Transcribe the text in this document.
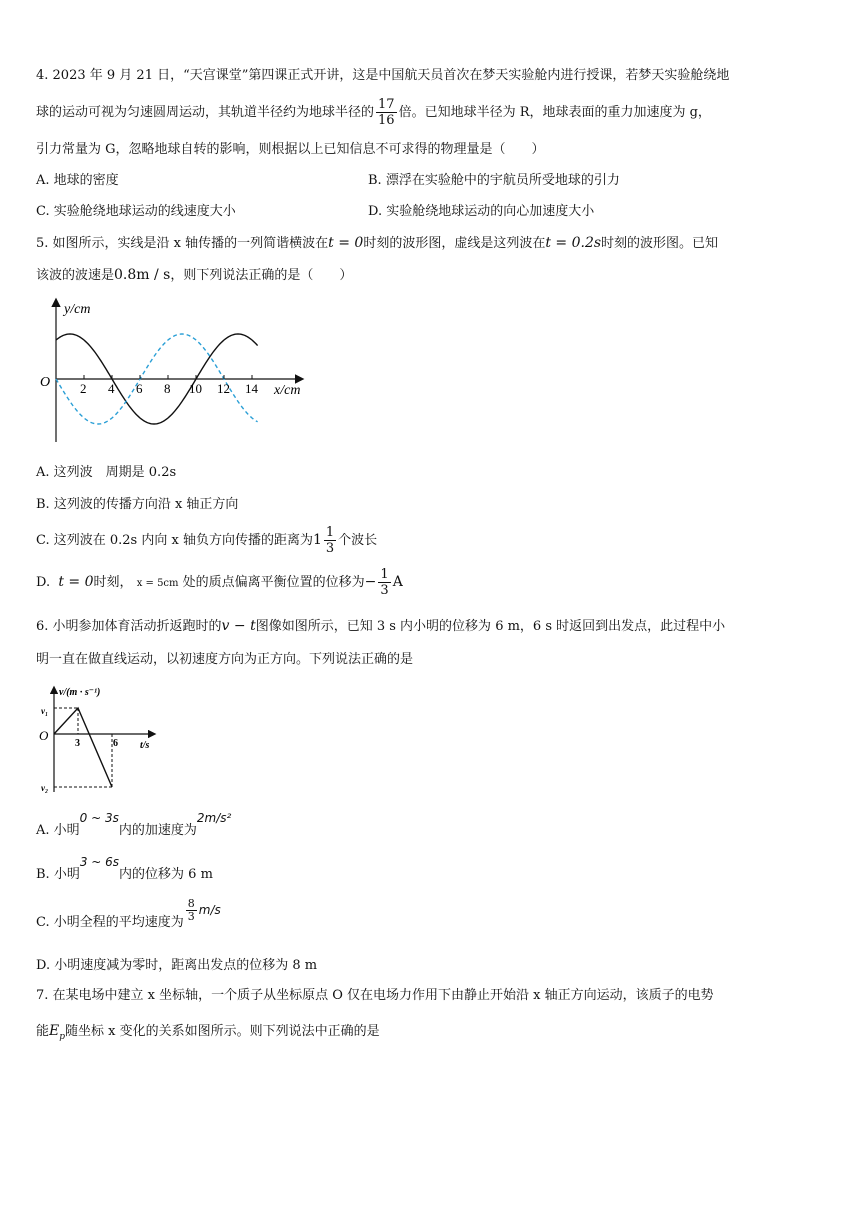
4. 2023 年 9 月 21 日，“天宫课堂”第四课正式开讲，这是中国航天员首次在梦天实验舱内进行授课，若梦天实验舱绕地
球的运动可视为匀速圆周运动，其轨道半径约为地球半径的 $\frac{17}{16}$ 倍。已知地球半径为 R，地球表面的重力加速度为 g，
引力常量为 G，忽略地球自转的影响，则根据以上已知信息不可求得的物理量是（　　）
A. 地球的密度	B. 漂浮在实验舱中的宇航员所受地球的引力
C. 实验舱绕地球运动的线速度大小	D. 实验舱绕地球运动的向心加速度大小
5. 如图所示，实线是沿 x 轴传播的一列简谐横波在t = 0时刻的波形图，虚线是这列波在t = 0.2s时刻的波形图。已知
该波的波速是0.8m / s，则下列说法正确的是（　　）
2 4 6 8 10 12 14
y/cm
x/cm
O
A. 这列波　周期是 0.2s
B. 这列波的传播方向沿 x 轴正方向
C. 这列波在 0.2s 内向 x 轴负方向传播的距离为$1 \frac{1}{3}$ 个波长
D. t = 0时刻， x = 5cm 处的质点偏离平衡位置的位移为− $\frac{1}{3}$ A
6. 小明参加体育活动折返跑时的v − t图像如图所示，已知 3 s 内小明的位移为 6 m，6 s 时返回到出发点，此过程中小
明一直在做直线运动，以初速度方向为正方向。下列说法正确的是
v/(m · s⁻¹)
t/s
O
v₁
v₂
3	6
A. 小明0 ~ 3s内的加速度为2m/s²
B. 小明3 ~ 6s内的位移为 6 m
C. 小明全程的平均速度为 $\frac{8}{3} m/s$
D. 小明速度减为零时，距离出发点的位移为 8 m
7. 在某电场中建立 x 坐标轴，一个质子从坐标原点 O 仅在电场力作用下由静止开始沿 x 轴正方向运动，该质子的电势
能$E_p$随坐标 x 变化的关系如图所示。则下列说法中正确的是
